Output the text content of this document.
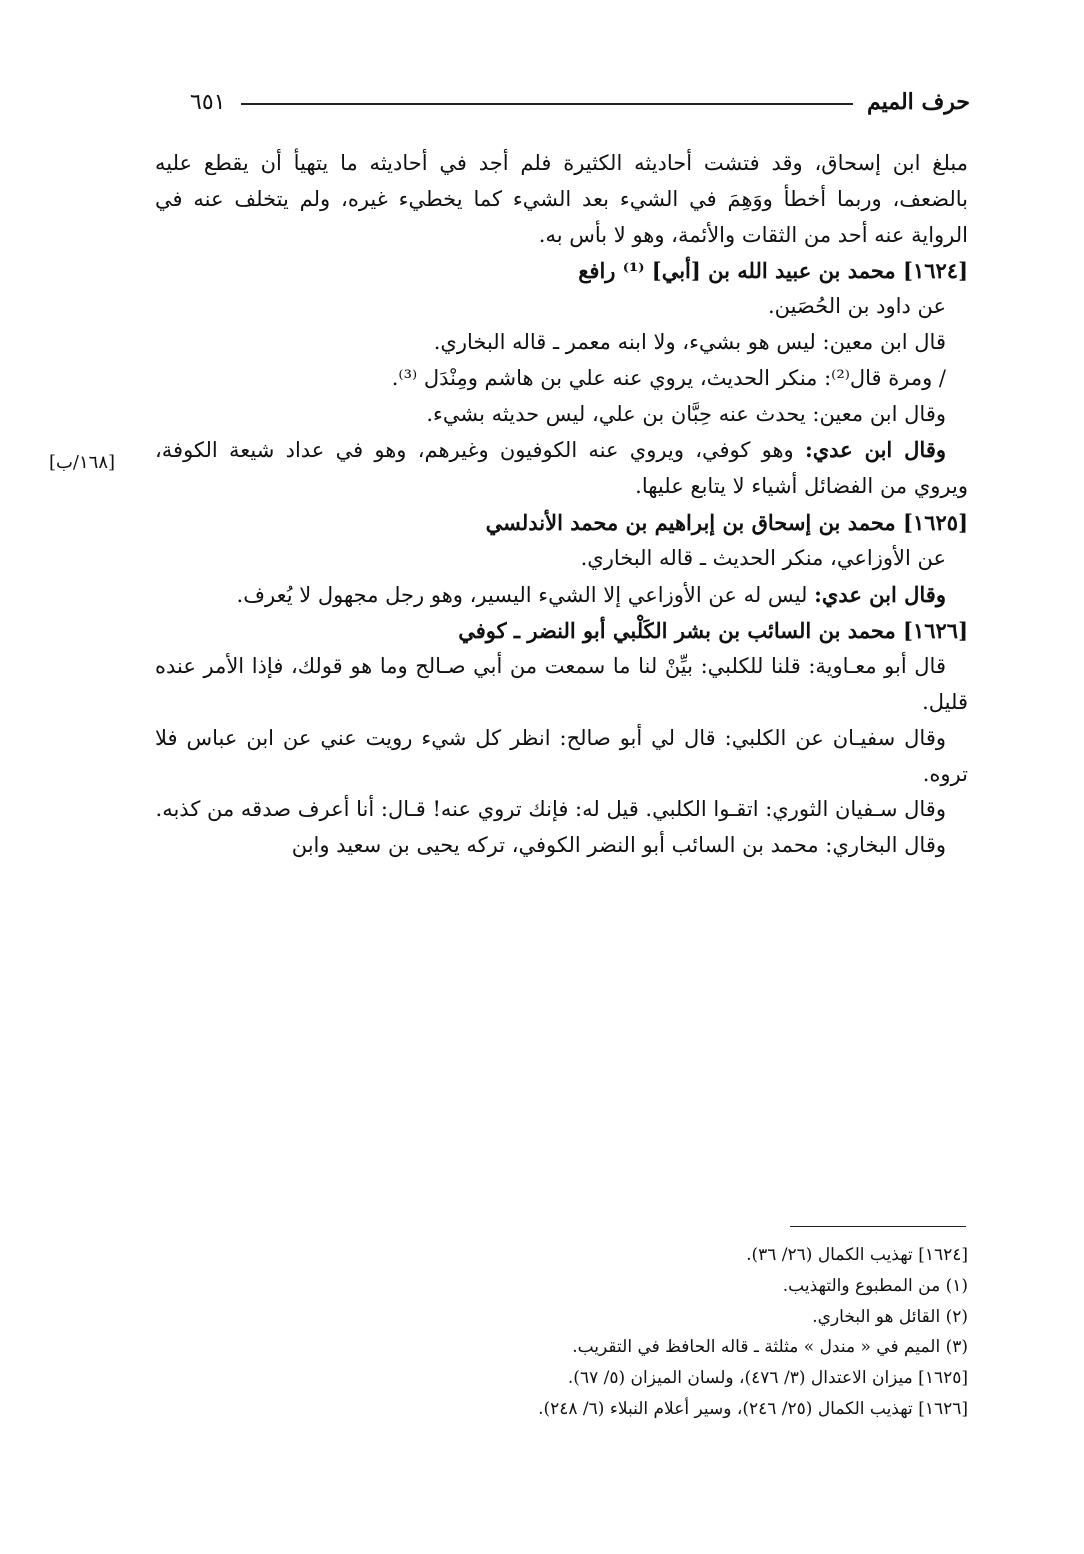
حرف الميم
٦٥١
[١٦٨/ب]

مبلغ ابن إسحاق، وقد فتشت أحاديثه الكثيرة فلم أجد في أحاديثه ما يتهيأ أن يقطع عليه بالضعف، وربما أخطأ ووَهِمَ في الشيء بعد الشيء كما يخطيء غيره، ولم يتخلف عنه في الرواية عنه أحد من الثقات والأئمة، وهو لا بأس به.

[١٦٢٤] محمد بن عبيد الله بن [أبي] ⁽¹⁾ رافع

عن داود بن الحُصَين.

قال ابن معين: ليس هو بشيء، ولا ابنه معمر ـ قاله البخاري.

/ ومرة قال⁽²⁾: منكر الحديث، يروي عنه علي بن هاشم ومِنْدَل ⁽³⁾.

وقال ابن معين: يحدث عنه حِبَّان بن علي، ليس حديثه بشيء.

وقال ابن عدي: وهو كوفي، ويروي عنه الكوفيون وغيرهم، وهو في عداد شيعة الكوفة، ويروي من الفضائل أشياء لا يتابع عليها.

[١٦٢٥] محمد بن إسحاق بن إبراهيم بن محمد الأندلسي

عن الأوزاعي، منكر الحديث ـ قاله البخاري.

وقال ابن عدي: ليس له عن الأوزاعي إلا الشيء اليسير، وهو رجل مجهول لا يُعرف.

[١٦٢٦] محمد بن السائب بن بشر الكَلْبي أبو النضر ـ كوفي

قال أبو معـاوية: قلنا للكلبي: بيِّنْ لنا ما سمعت من أبي صـالح وما هو قولك، فإذا الأمر عنده قليل.

وقال سفيـان عن الكلبي: قال لي أبو صالح: انظر كل شيء رويت عني عن ابن عباس فلا تروه.

وقال سـفيان الثوري: اتقـوا الكلبي. قيل له: فإنك تروي عنه! قـال: أنا أعرف صدقه من كذبه.

وقال البخاري: محمد بن السائب أبو النضر الكوفي، تركه يحيى بن سعيد وابن

[١٦٢٤] تهذيب الكمال (٢٦/ ٣٦).

(١) من المطبوع والتهذيب.

(٢) القائل هو البخاري.

(٣) الميم في « مندل » مثلثة ـ قاله الحافظ في التقريب.

[١٦٢٥] ميزان الاعتدال (٣/ ٤٧٦)، ولسان الميزان (٥/ ٦٧).

[١٦٢٦] تهذيب الكمال (٢٥/ ٢٤٦)، وسير أعلام النبلاء (٦/ ٢٤٨).
